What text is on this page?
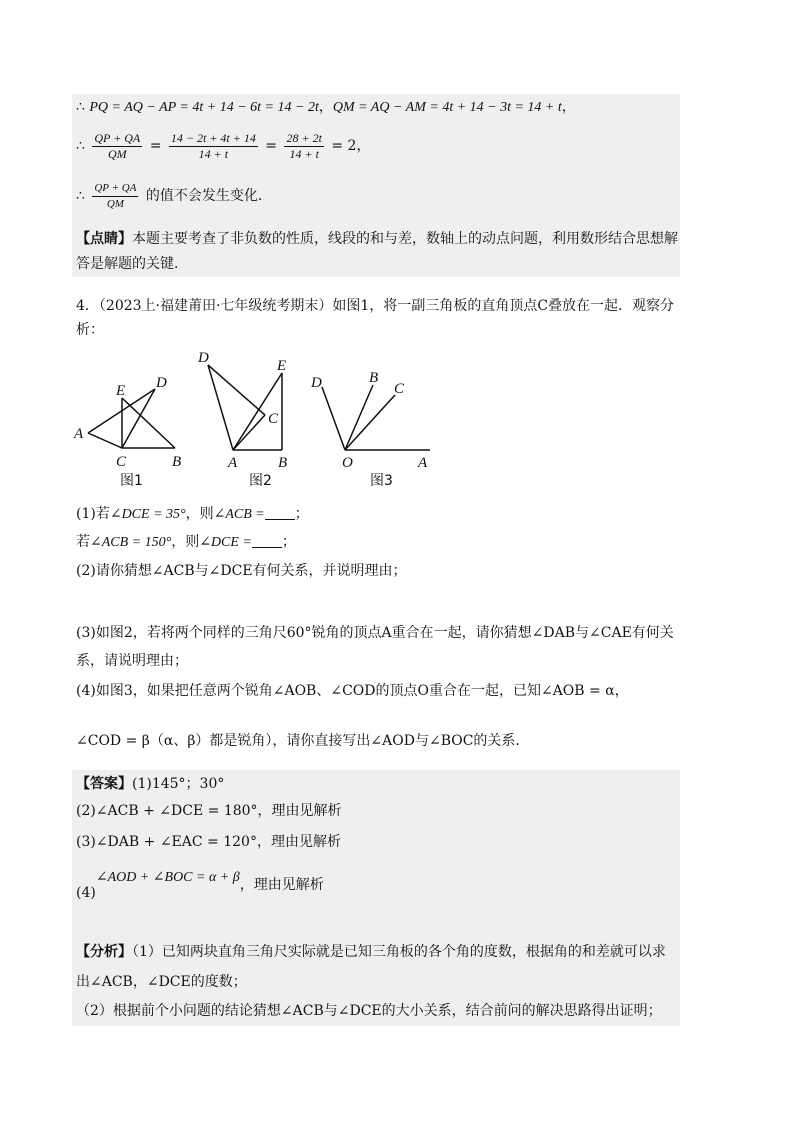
∴ PQ = AQ − AP = 4t + 14 − 6t = 14 − 2t，QM = AQ − AM = 4t + 14 − 3t = 14 + t，
∴ $\frac{QP + QA}{QM} = \frac{14 - 2t + 4t + 14}{14 + t} = \frac{28 + 2t}{14 + t} = 2$，
∴ $\frac{QP + QA}{QM}$ 的值不会发生变化．
【点睛】本题主要考查了非负数的性质，线段的和与差，数轴上的动点问题，利用数形结合思想解
答是解题的关键．
4．（2023上·福建莆田·七年级统考期末）如图1，将一副三角板的直角顶点C叠放在一起．观察分
析：
D
E
A
C	B
D	E
C
A	B
D	B
C
O	A
图1	图2	图3
(1)若∠DCE = 35°，则∠ACB = ；
若∠ACB = 150°，则∠DCE = ；
(2)请你猜想∠ACB与∠DCE有何关系，并说明理由；
(3)如图2，若将两个同样的三角尺60°锐角的顶点A重合在一起，请你猜想∠DAB与∠CAE有何关
系，请说明理由；
(4)如图3，如果把任意两个锐角∠AOB、∠COD的顶点O重合在一起，已知∠AOB = α，
∠COD = β（α、β）都是锐角），请你直接写出∠AOD与∠BOC的关系．
【答案】(1)145°；30°
(2)∠ACB + ∠DCE = 180°，理由见解析
(3)∠DAB + ∠EAC = 120°，理由见解析
(4)∠AOD + ∠BOC = α + β，理由见解析
【分析】（1）已知两块直角三角尺实际就是已知三角板的各个角的度数，根据角的和差就可以求
出∠ACB，∠DCE的度数；
（2）根据前个小问题的结论猜想∠ACB与∠DCE的大小关系，结合前问的解决思路得出证明；
